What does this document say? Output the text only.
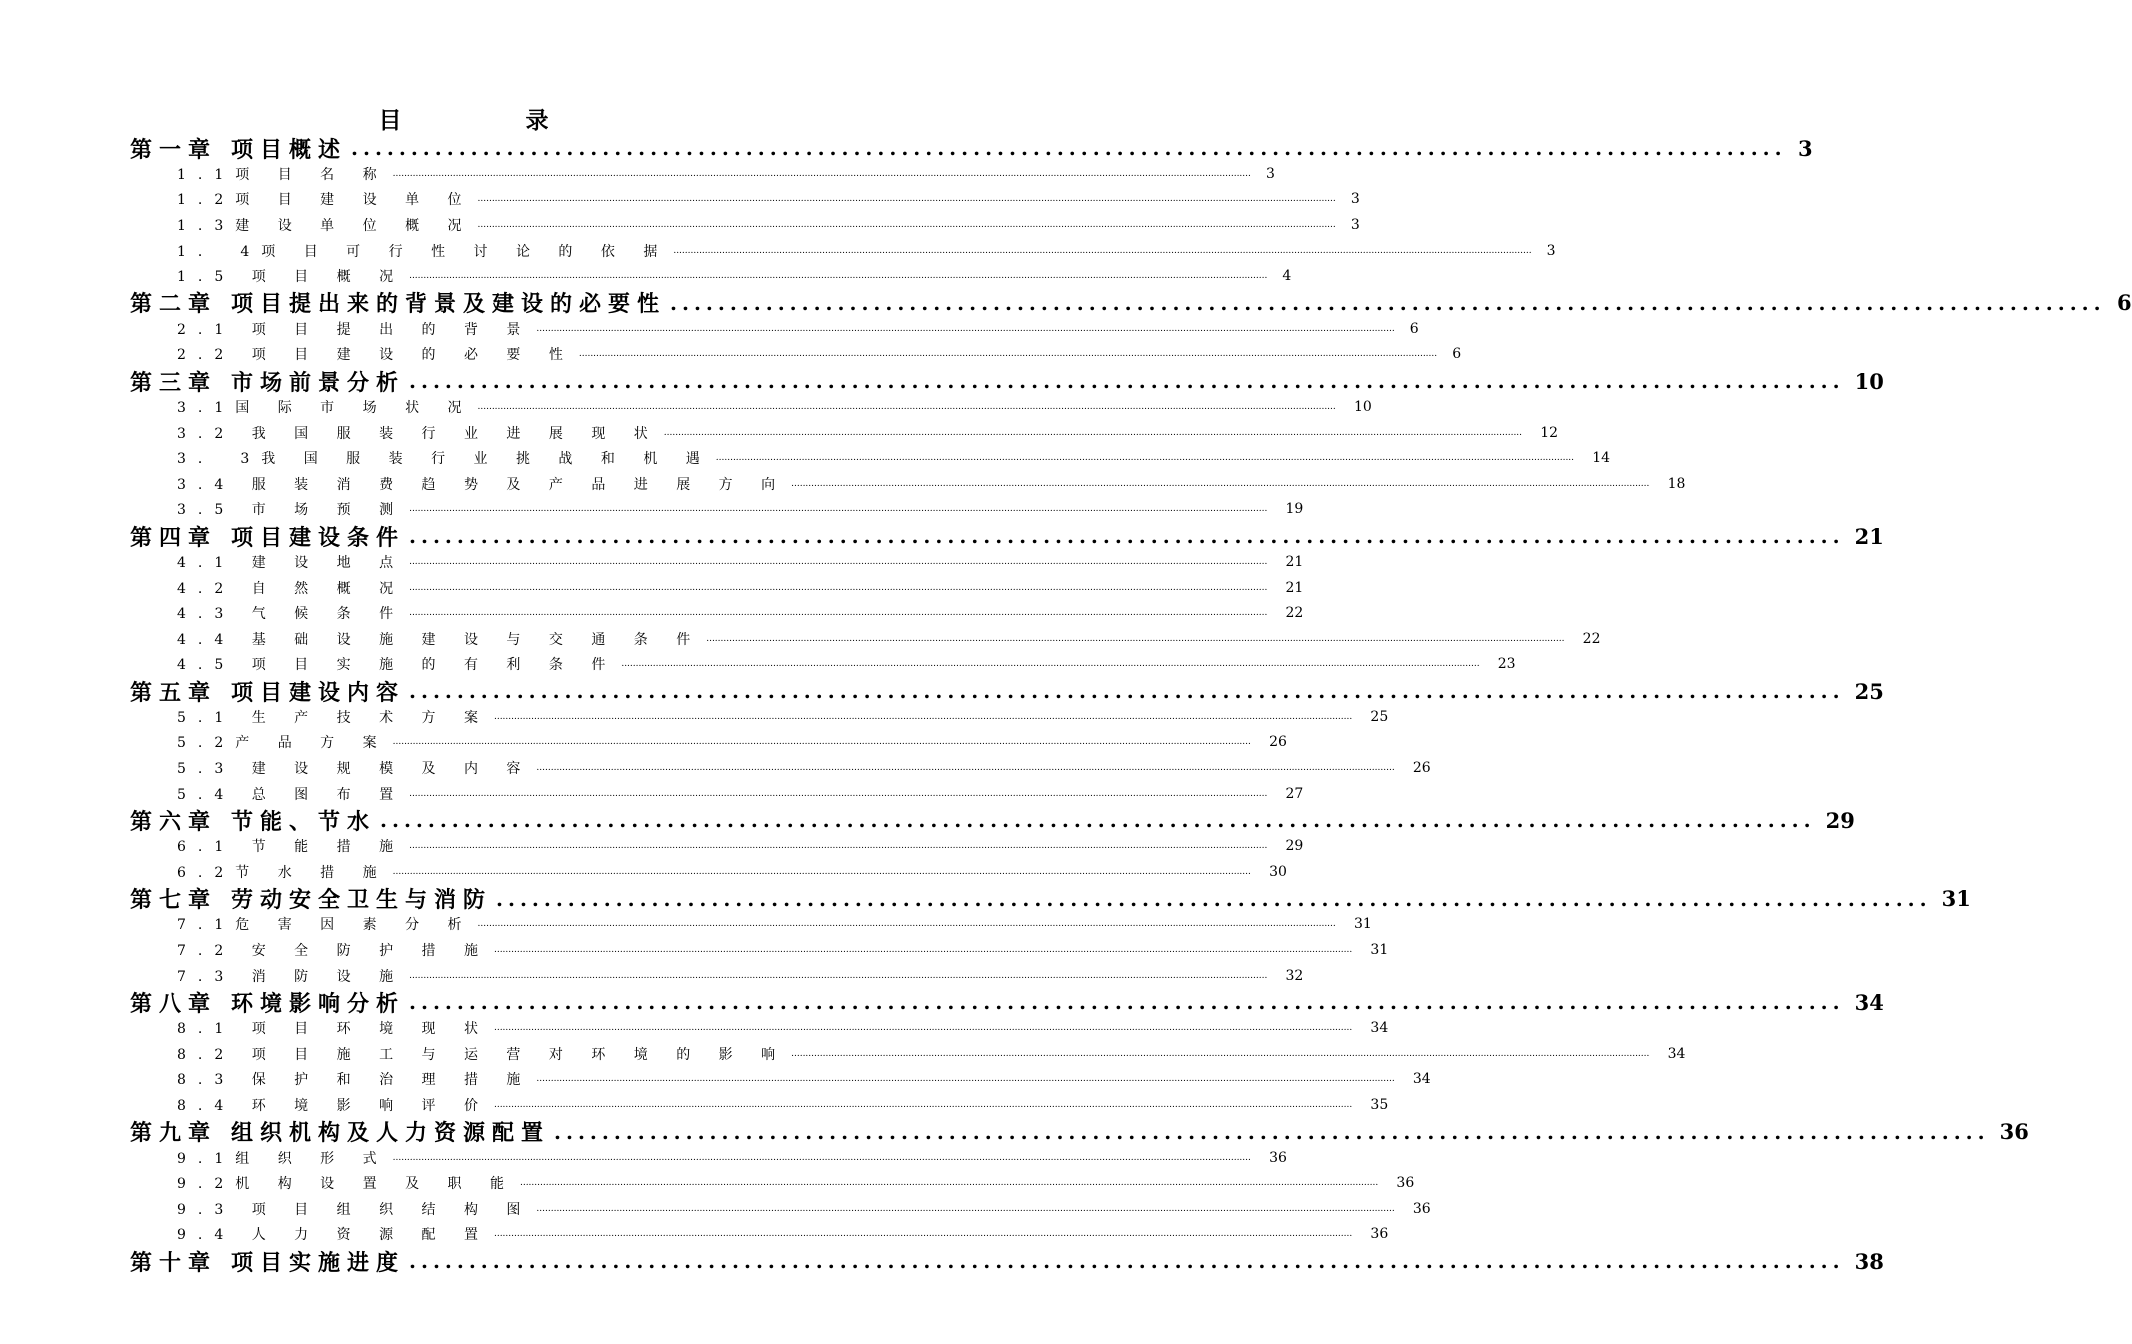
目 录
第一章 项目概述 ........................................................................................................................ 3
1.1项 目 名 称 ............................................................................................................................................................................................................................................................................................................ 3
1.2项 目 建 设 单 位 ............................................................................................................................................................................................................................................................................................................ 3
1.3建 设 单 位 概 况 ............................................................................................................................................................................................................................................................................................................ 3
1． 4项 目 可 行 性 讨 论 的 依 据 ............................................................................................................................................................................................................................................................................................................ 3
1.5 项 目 概 况 ............................................................................................................................................................................................................................................................................................................ 4
第二章 项目提出来的背景及建设的必要性 ........................................................................................................................ 6
2.1 项 目 提 出 的 背 景 ............................................................................................................................................................................................................................................................................................................ 6
2.2 项 目 建 设 的 必 要 性 ............................................................................................................................................................................................................................................................................................................ 6
第三章 市场前景分析 ........................................................................................................................ 10
3.1国 际 市 场 状 况 ............................................................................................................................................................................................................................................................................................................	10
3.2 我 国 服 装 行 业 进 展 现 状 ............................................................................................................................................................................................................................................................................................................	12
3． 3我 国 服 装 行 业 挑 战 和 机 遇 ............................................................................................................................................................................................................................................................................................................	14
3.4 服 装 消 费 趋 势 及 产 品 进 展 方 向 ............................................................................................................................................................................................................................................................................................................	18
3.5 市 场 预 测 ............................................................................................................................................................................................................................................................................................................	19
第四章 项目建设条件 ........................................................................................................................ 21
4.1 建 设 地 点 ............................................................................................................................................................................................................................................................................................................	21
4.2 自 然 概 况 ............................................................................................................................................................................................................................................................................................................	21
4.3 气 候 条 件 ............................................................................................................................................................................................................................................................................................................	22
4.4 基 础 设 施 建 设 与 交 通 条 件 ............................................................................................................................................................................................................................................................................................................	22
4.5 项 目 实 施 的 有 利 条 件 ............................................................................................................................................................................................................................................................................................................	23
第五章 项目建设内容 ........................................................................................................................ 25
5.1 生 产 技 术 方 案 ............................................................................................................................................................................................................................................................................................................	25
5.2产 品 方 案 ............................................................................................................................................................................................................................................................................................................	26
5.3 建 设 规 模 及 内 容 ............................................................................................................................................................................................................................................................................................................	26
5.4 总 图 布 置 ............................................................................................................................................................................................................................................................................................................	27
第六章 节能、节水 ........................................................................................................................ 29
6.1 节 能 措 施 ............................................................................................................................................................................................................................................................................................................	29
6.2节 水 措 施 ............................................................................................................................................................................................................................................................................................................	30
第七章 劳动安全卫生与消防 ........................................................................................................................ 31
7.1危 害 因 素 分 析 ............................................................................................................................................................................................................................................................................................................	31
7.2 安 全 防 护 措 施 ............................................................................................................................................................................................................................................................................................................	31
7.3 消 防 设 施 ............................................................................................................................................................................................................................................................................................................	32
第八章 环境影响分析 ........................................................................................................................ 34
8.1 项 目 环 境 现 状 ............................................................................................................................................................................................................................................................................................................	34
8.2 项 目 施 工 与 运 营 对 环 境 的 影 响 ............................................................................................................................................................................................................................................................................................................	34
8.3 保 护 和 治 理 措 施 ............................................................................................................................................................................................................................................................................................................	34
8.4 环 境 影 响 评 价 ............................................................................................................................................................................................................................................................................................................	35
第九章 组织机构及人力资源配置 ........................................................................................................................ 36
9.1组 织 形 式 ............................................................................................................................................................................................................................................................................................................	36
9.2机 构 设 置 及 职 能 ............................................................................................................................................................................................................................................................................................................	36
9.3 项 目 组 织 结 构 图 ............................................................................................................................................................................................................................................................................................................	36
9.4 人 力 资 源 配 置 ............................................................................................................................................................................................................................................................................................................	36
第十章 项目实施进度 ........................................................................................................................ 38
